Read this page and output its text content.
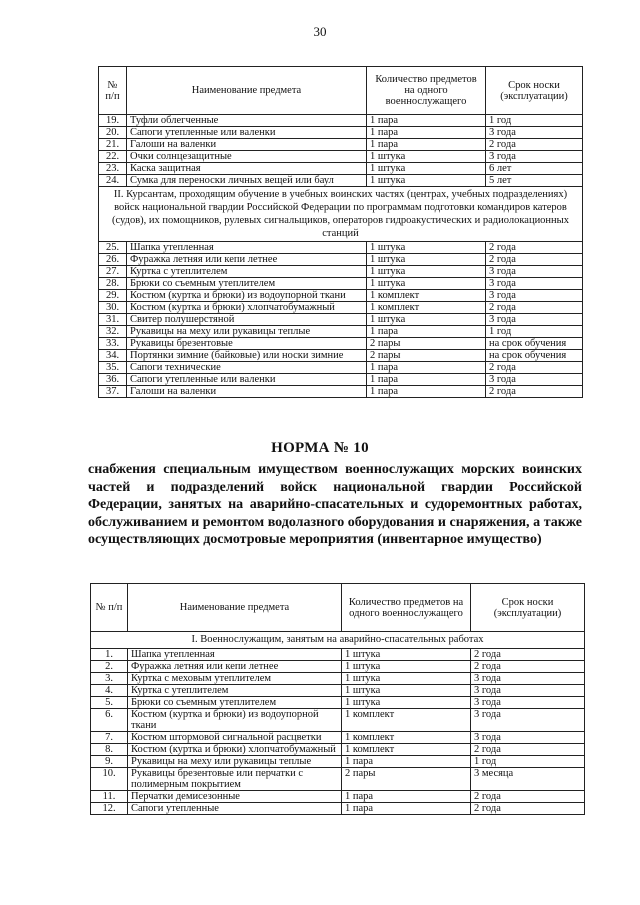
30
№ п/п	Наименование предмета	Количество предметов на одного военнослужащего	Срок носки (эксплуатации)
19.	Туфли облегченные	1 пара	1 год
20.	Сапоги утепленные или валенки	1 пара	3 года
21.	Галоши на валенки	1 пара	2 года
22.	Очки солнцезащитные	1 штука	3 года
23.	Каска защитная	1 штука	6 лет
24.	Сумка для переноски личных вещей или баул	1 штука	5 лет
II. Курсантам, проходящим обучение в учебных воинских частях (центрах, учебных подразделениях) войск национальной гвардии Российской Федерации по программам подготовки командиров катеров (судов), их помощников, рулевых сигнальщиков, операторов гидроакустических и радиолокационных станций			
25.	Шапка утепленная	1 штука	2 года
26.	Фуражка летняя или кепи летнее	1 штука	2 года
27.	Куртка с утеплителем	1 штука	3 года
28.	Брюки со съемным утеплителем	1 штука	3 года
29.	Костюм (куртка и брюки) из водоупорной ткани	1 комплект	3 года
30.	Костюм (куртка и брюки) хлопчатобумажный	1 комплект	2 года
31.	Свитер полушерстяной	1 штука	3 года
32.	Рукавицы на меху или рукавицы теплые	1 пара	1 год
33.	Рукавицы брезентовые	2 пары	на срок обучения
34.	Портянки зимние (байковые) или носки зимние	2 пары	на срок обучения
35.	Сапоги технические	1 пара	2 года
36.	Сапоги утепленные или валенки	1 пара	3 года
37.	Галоши на валенки	1 пара	2 года
НОРМА № 10
снабжения специальным имуществом военнослужащих морских воинских частей и подразделений войск национальной гвардии Российской Федерации, занятых на аварийно-спасательных и судоремонтных работах, обслуживанием и ремонтом водолазного оборудования и снаряжения, а также осуществляющих досмотровые мероприятия (инвентарное имущество)
№ п/п	Наименование предмета	Количество предметов на одного военнослужащего	Срок носки (эксплуатации)
I. Военнослужащим, занятым на аварийно-спасательных работах			
1.	Шапка утепленная	1 штука	2 года
2.	Фуражка летняя или кепи летнее	1 штука	2 года
3.	Куртка с меховым утеплителем	1 штука	3 года
4.	Куртка с утеплителем	1 штука	3 года
5.	Брюки со съемным утеплителем	1 штука	3 года
6.	Костюм (куртка и брюки) из водоупорной ткани	1 комплект	3 года
7.	Костюм штормовой сигнальной расцветки	1 комплект	3 года
8.	Костюм (куртка и брюки) хлопчатобумажный	1 комплект	2 года
9.	Рукавицы на меху или рукавицы теплые	1 пара	1 год
10.	Рукавицы брезентовые или перчатки с полимерным покрытием	2 пары	3 месяца
11.	Перчатки демисезонные	1 пара	2 года
12.	Сапоги утепленные	1 пара	2 года
